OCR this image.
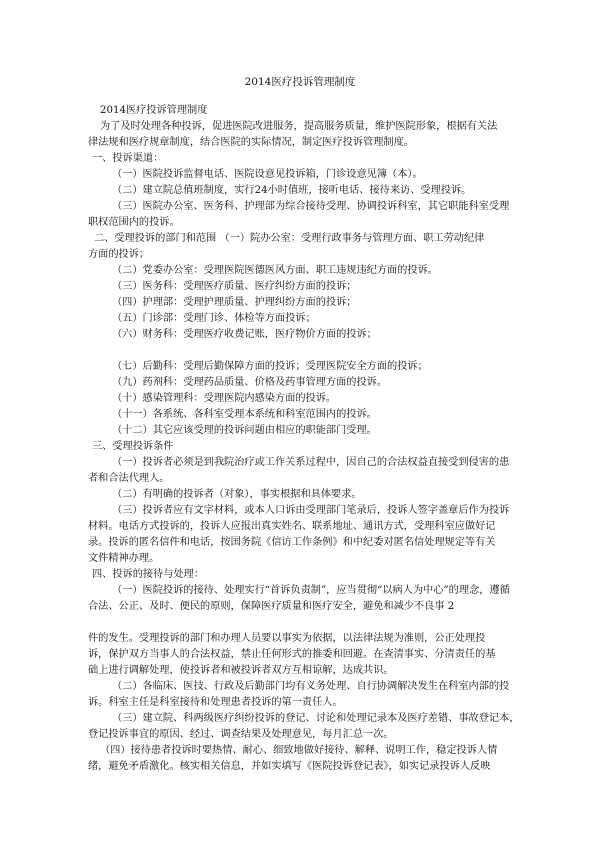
2014医疗投诉管理制度
2014医疗投诉管理制度
为了及时处理各种投诉，促进医院改进服务，提高服务质量，维护医院形象，根据有关法
律法规和医疗规章制度，结合医院的实际情况，制定医疗投诉管理制度。
一、投诉渠道：
（一）医院投诉监督电话、医院设意见投诉箱，门诊设意见簿（本）。
（二）建立院总值班制度，实行24小时值班，接听电话、接待来访、受理投诉。
（三）医院办公室、医务科、护理部为综合接待受理、协调投诉科室，其它职能科室受理
职权范围内的投诉。
二、受理投诉的部门和范围 （一）院办公室：受理行政事务与管理方面、职工劳动纪律
方面的投诉；
（二）党委办公室：受理医院医德医风方面、职工违规违纪方面的投诉。
（三）医务科：受理医疗质量、医疗纠纷方面的投诉；
（四）护理部：受理护理质量、护理纠纷方面的投诉；
（五）门诊部：受理门诊、体检等方面投诉；
（六）财务科：受理医疗收费记账，医疗物价方面的投诉；
（七）后勤科：受理后勤保障方面的投诉；受理医院安全方面的投诉；
（九）药剂科：受理药品质量、价格及药事管理方面的投诉。
（十）感染管理科：受理医院内感染方面的投诉。
（十一）各系统、各科室受理本系统和科室范围内的投诉。
（十二）其它应该受理的投诉问题由相应的职能部门受理。
三、受理投诉条件
（一）投诉者必须是到我院治疗或工作关系过程中，因自己的合法权益直接受到侵害的患
者和合法代理人。
（二）有明确的投诉者（对象），事实根据和具体要求。
（三）投诉者应有文字材料，或本人口诉由受理部门笔录后，投诉人签字盖章后作为投诉
材料。电话方式投诉的，投诉人应报出真实姓名、联系地址、通讯方式，受理科室应做好记
录。投诉的匿名信件和电话，按国务院《信访工作条例》和中纪委对匿名信处理规定等有关
文件精神办理。
四、投诉的接待与处理：
（一）医院投诉的接待、处理实行“首诉负责制”，应当贯彻“以病人为中心”的理念，遵循
合法、公正、及时、便民的原则，保障医疗质量和医疗安全，避免和减少不良事 2
件的发生。受理投诉的部门和办理人员要以事实为依据，以法律法规为准则，公正处理投
诉，保护双方当事人的合法权益，禁止任何形式的推委和回避。在查清事实、分清责任的基
础上进行调解处理，使投诉者和被投诉者双方互相谅解，达成共识。
（二）各临床、医技、行政及后勤部门均有义务处理、自行协调解决发生在科室内部的投
诉。科室主任是科室接待和处理患者投诉的第一责任人。
（三）建立院、科两级医疗纠纷投诉的登记、讨论和处理记录本及医疗差错、事故登记本，
登记投诉事宜的原因、经过、调查结果及处理意见，每月汇总一次。
（四）接待患者投诉时要热情、耐心、细致地做好接待、解释、说明工作，稳定投诉人情
绪，避免矛盾激化。核实相关信息，并如实填写《医院投诉登记表》，如实记录投诉人反映
